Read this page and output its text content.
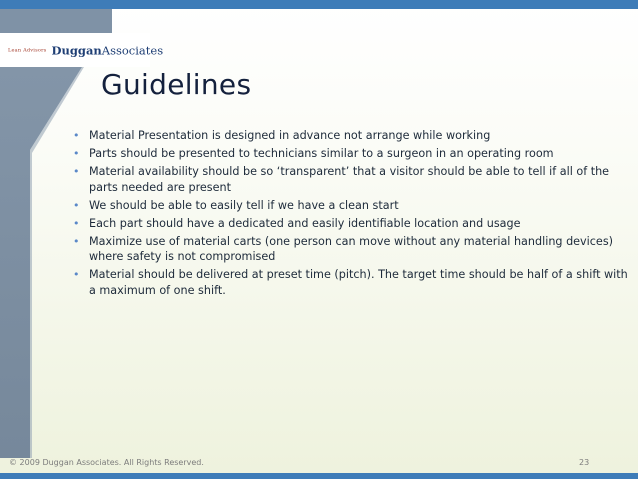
Lean Advisors DugganAssociates
Guidelines
• Material Presentation is designed in advance not arrange while working
• Parts should be presented to technicians similar to a surgeon in an operating room
• Material availability should be so ‘transparent’ that a visitor should be able to tell if all of the parts needed are present
• We should be able to easily tell if we have a clean start
• Each part should have a dedicated and easily identifiable location and usage
• Maximize use of material carts (one person can move without any material handling devices) where safety is not compromised
• Material should be delivered at preset time (pitch). The target time should be half of a shift with a maximum of one shift.
© 2009 Duggan Associates. All Rights Reserved.	23
